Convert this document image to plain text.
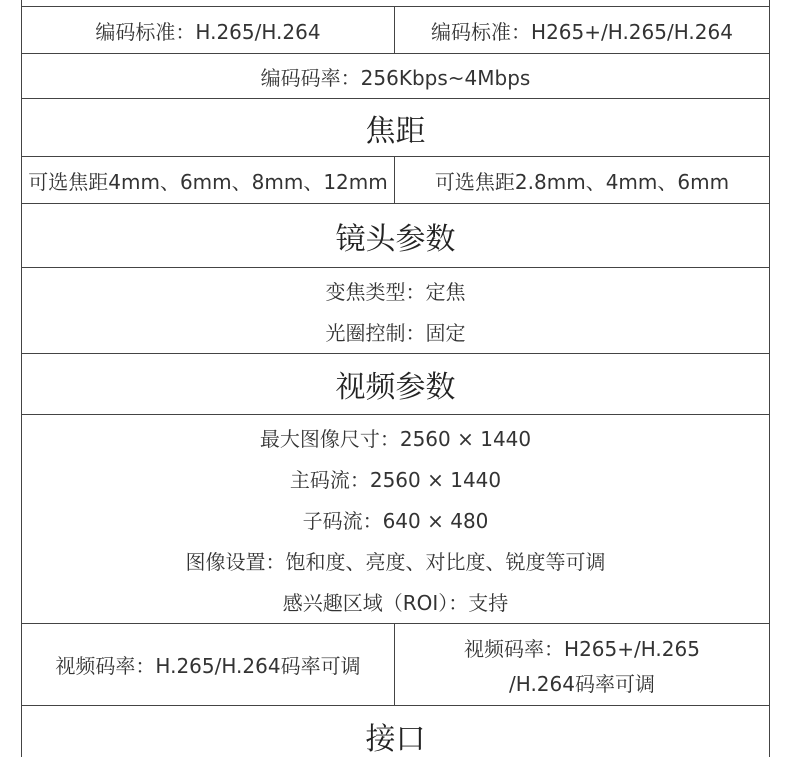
编码标准：H.265/H.264	编码标准：H265+/H.265/H.264
编码码率：256Kbps~4Mbps
焦距
可选焦距4mm、6mm、8mm、12mm	可选焦距2.8mm、4mm、6mm
镜头参数
变焦类型：定焦
光圈控制：固定
视频参数
最大图像尺寸：2560 × 1440
主码流：2560 × 1440
子码流：640 × 480
图像设置：饱和度、亮度、对比度、锐度等可调
感兴趣区域（ROI）：支持
视频码率：H.265/H.264码率可调
视频码率：H265+/H.265
/H.264码率可调
接口
